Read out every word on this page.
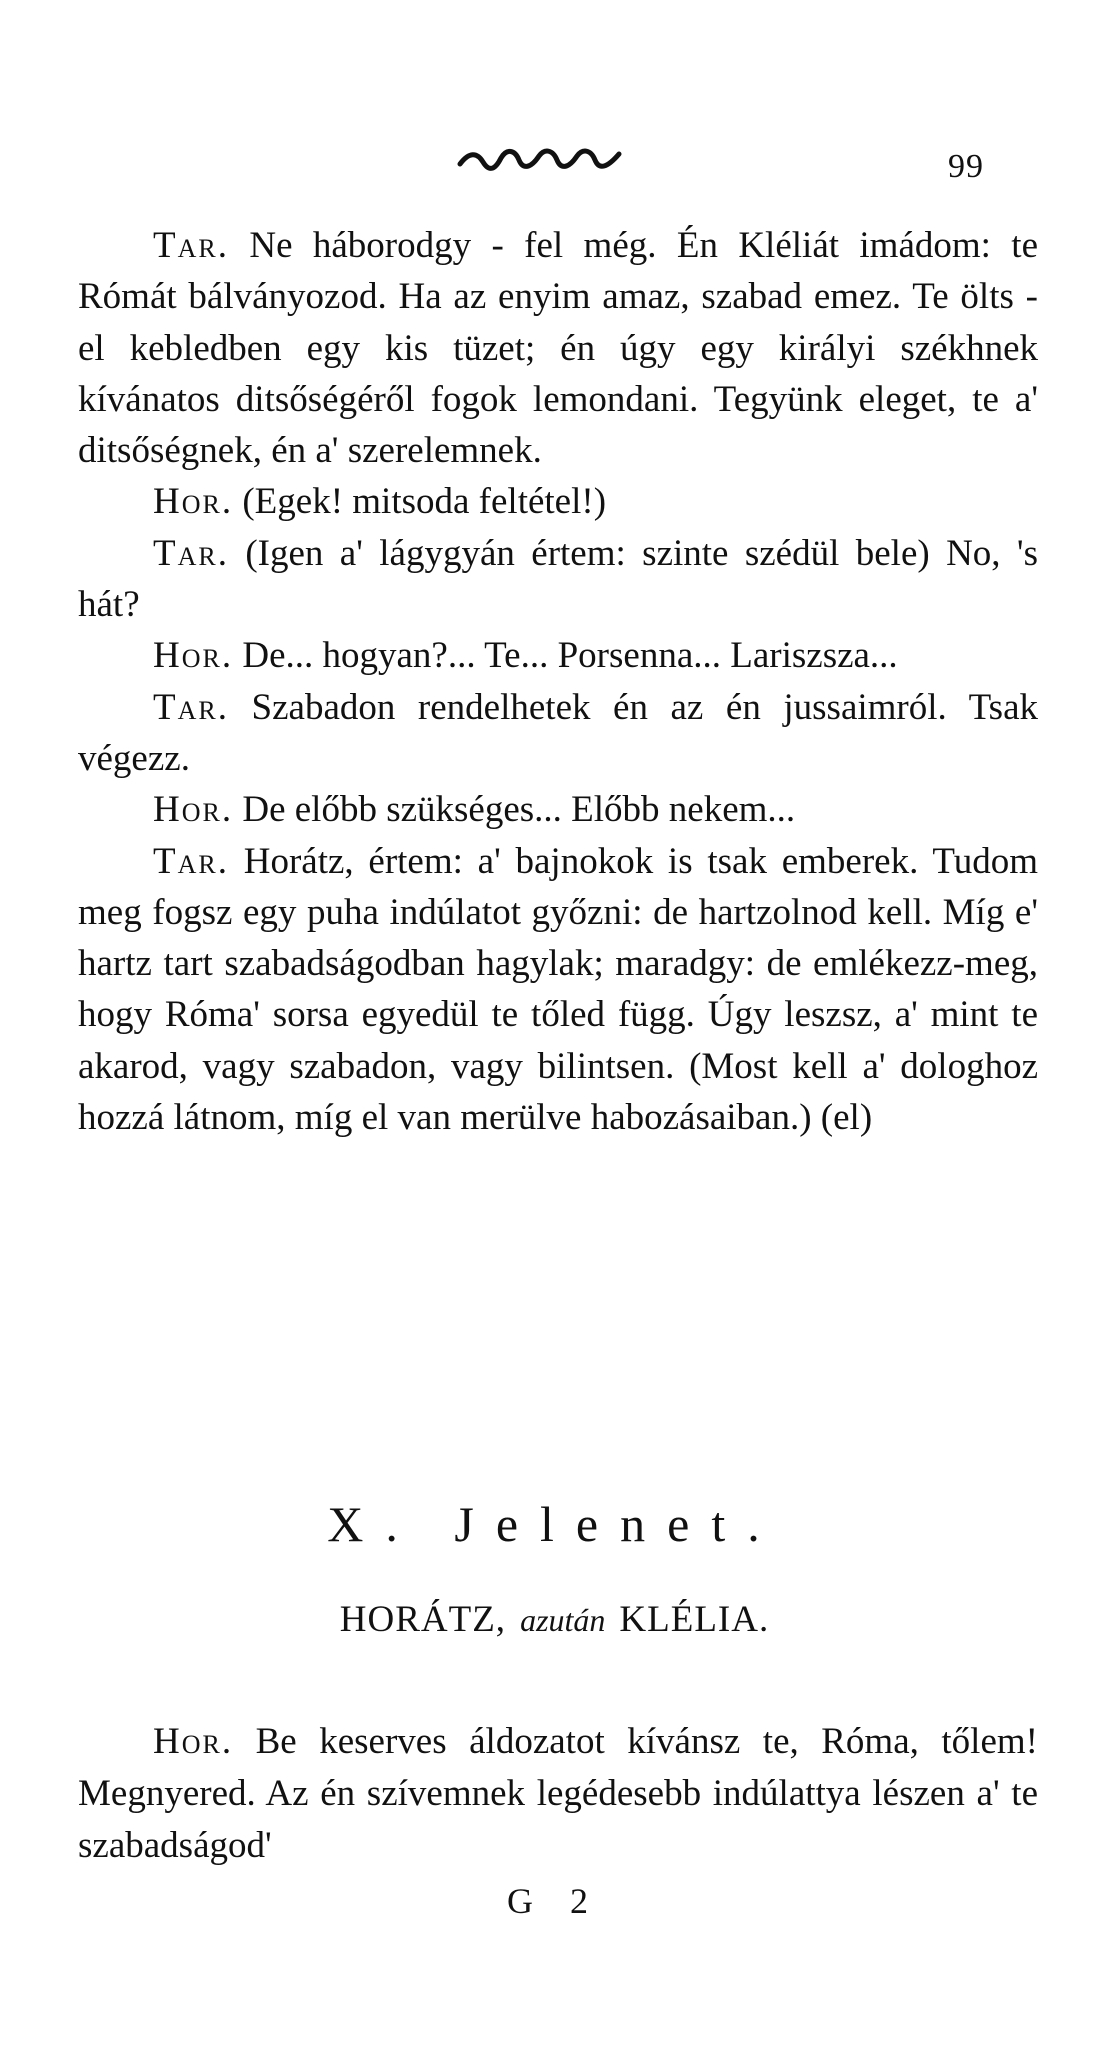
99

Tar. Ne háborodgy - fel még. Én Kléliát imádom: te Rómát bálványozod. Ha az enyim amaz, szabad emez. Te ölts - el kebledben egy kis tüzet; én úgy egy királyi székhnek kívánatos ditsőségéről fogok lemondani. Tegyünk eleget, te a' ditsőségnek, én a' szerelemnek.

Hor. (Egek! mitsoda feltétel!)

Tar. (Igen a' lágygyán értem: szinte szédül bele) No, 's hát?

Hor. De... hogyan?... Te... Porsenna... Lariszsza...

Tar. Szabadon rendelhetek én az én jussaimról. Tsak végezz.

Hor. De előbb szükséges... Előbb nekem...

Tar. Horátz, értem: a' bajnokok is tsak emberek. Tudom meg fogsz egy puha indúlatot győzni: de hartzolnod kell. Míg e' hartz tart szabadságodban hagylak; maradgy: de emlékezz-meg, hogy Róma' sorsa egyedül te tőled függ. Úgy leszsz, a' mint te akarod, vagy szabadon, vagy bilintsen. (Most kell a' dologhoz hozzá látnom, míg el van merülve habozásaiban.) (el)

X. Jelenet.
HORÁTZ, azután KLÉLIA.

Hor. Be keserves áldozatot kívánsz te, Róma, tőlem! Megnyered. Az én szívemnek legédesebb indúlattya lészen a' te szabadságod'

G 2
